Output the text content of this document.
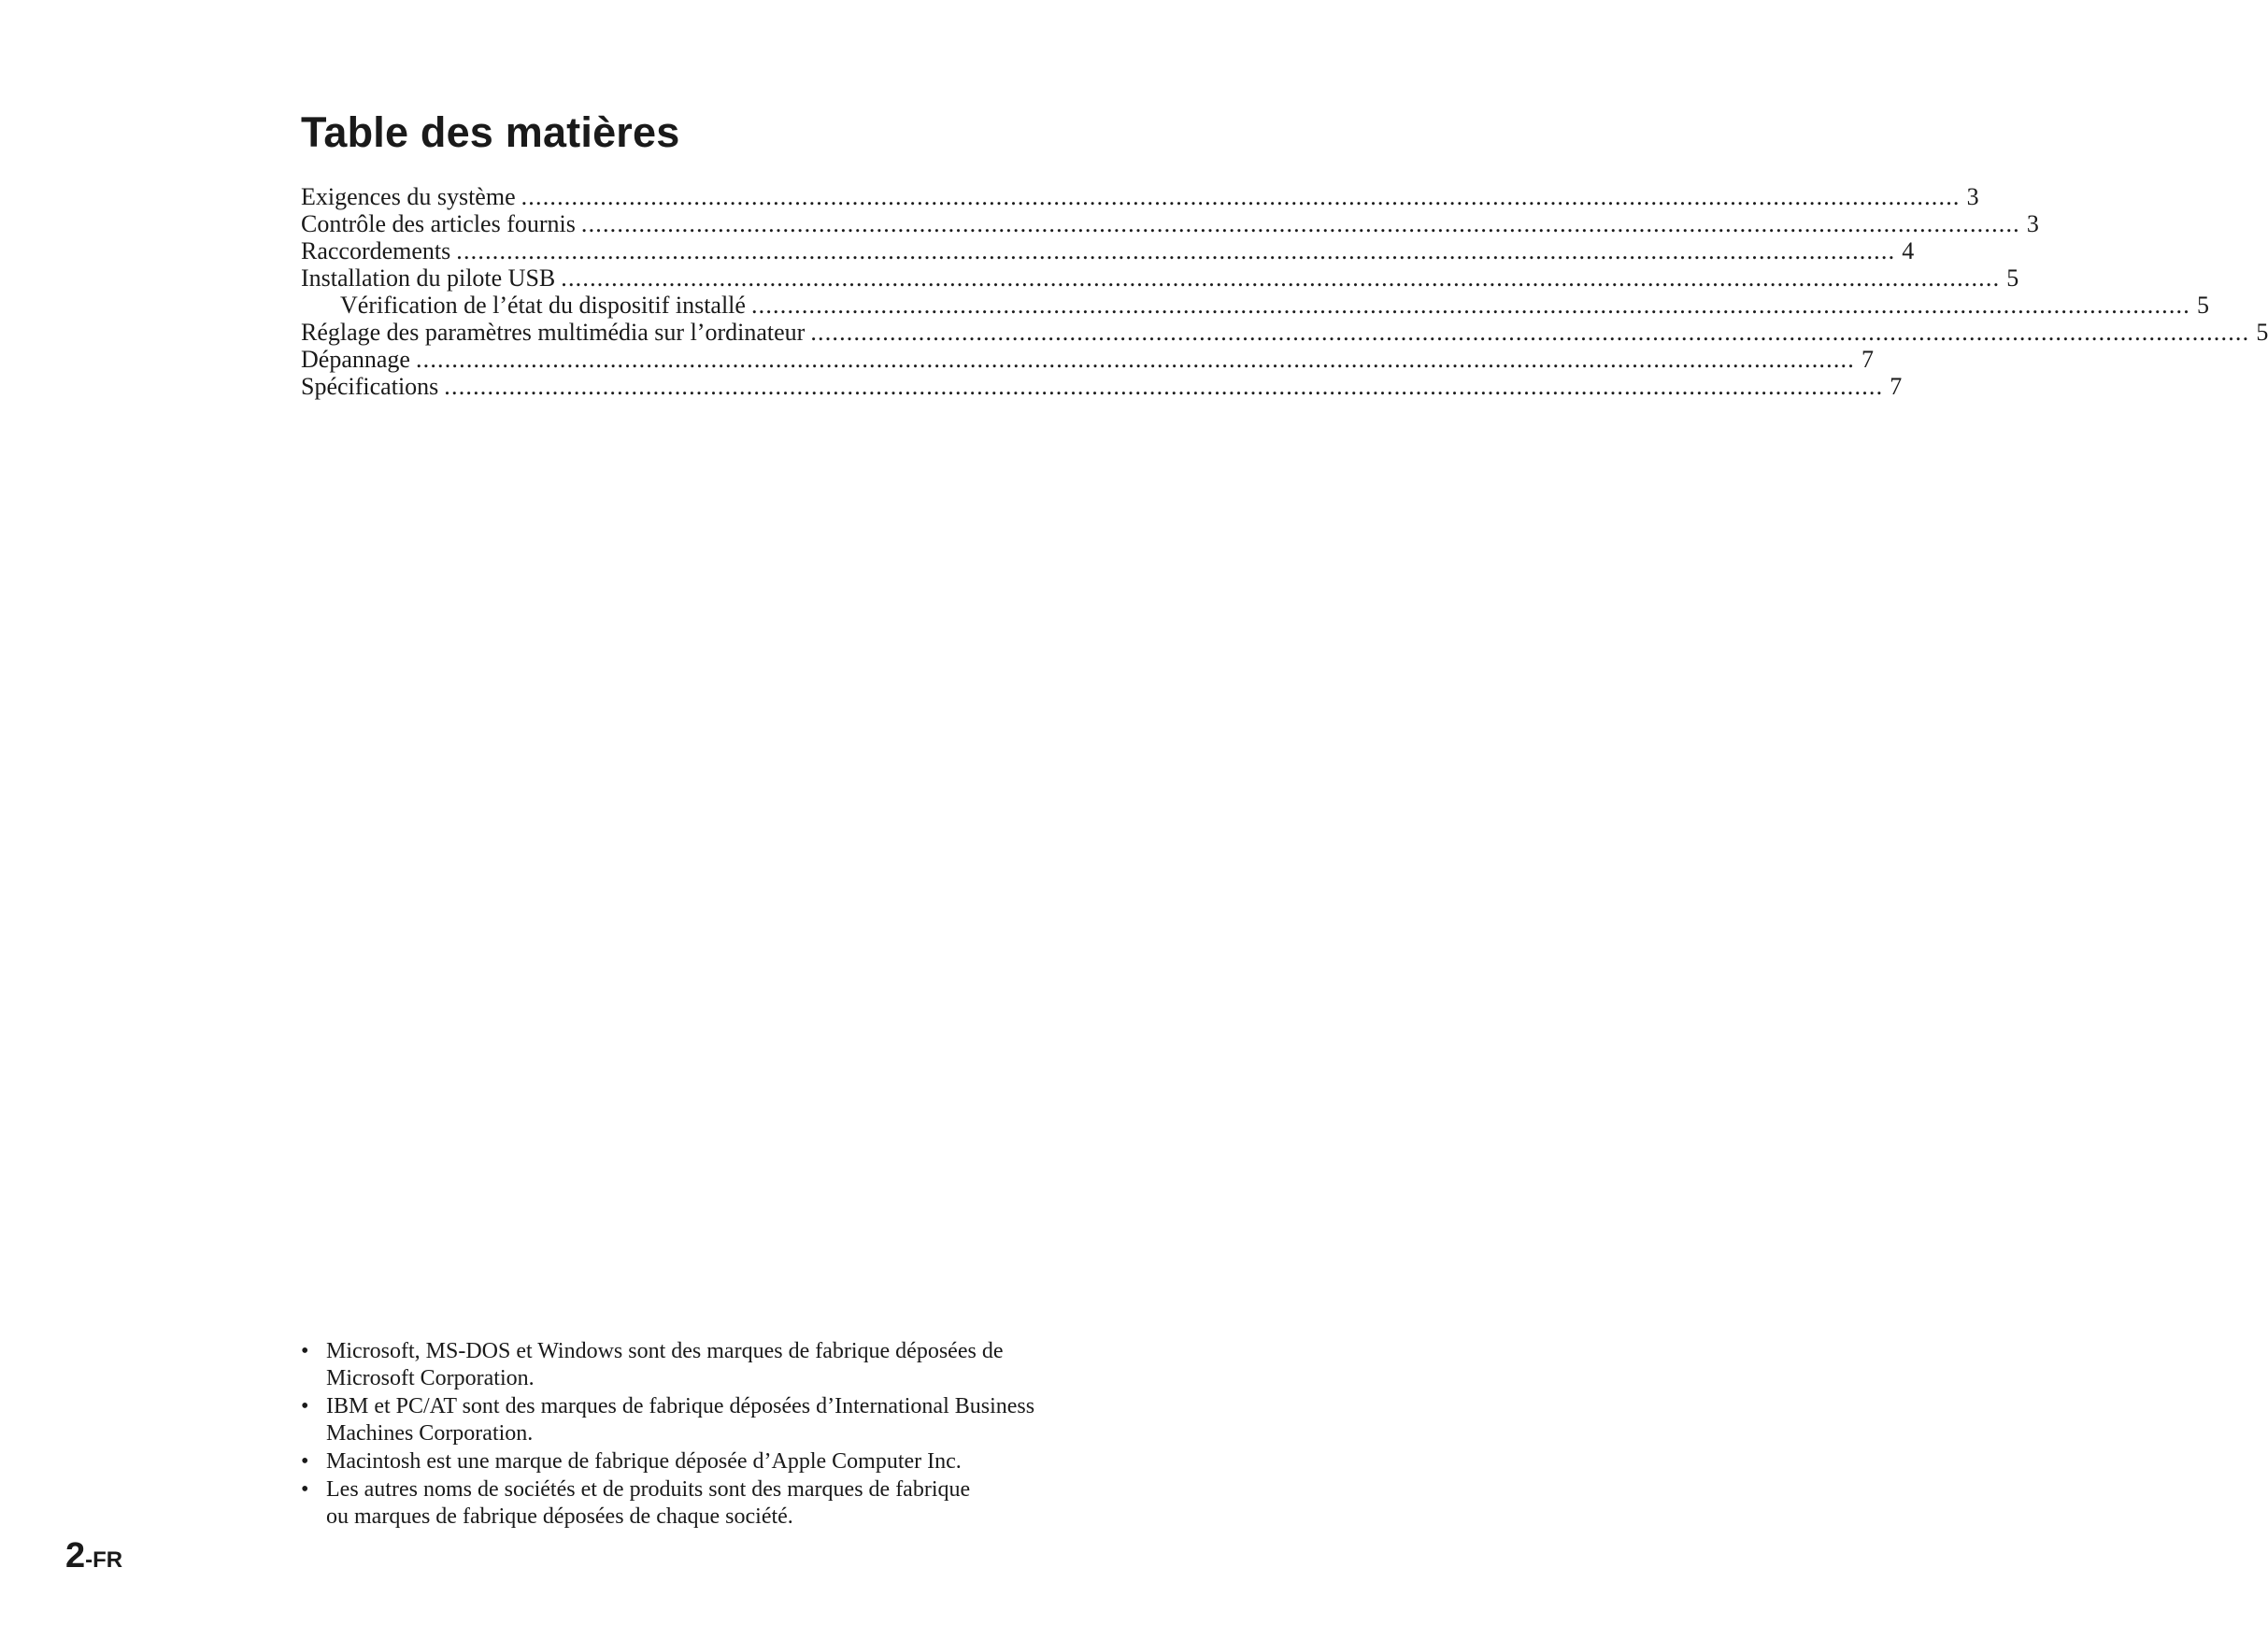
Table des matières
Exigences du système ........................................................................................................................................................................................................ 3
Contrôle des articles fournis ........................................................................................................................................................................................................ 3
Raccordements ........................................................................................................................................................................................................ 4
Installation du pilote USB ........................................................................................................................................................................................................ 5
Vérification de l’état du dispositif installé ........................................................................................................................................................................................................ 5
Réglage des paramètres multimédia sur l’ordinateur ........................................................................................................................................................................................................ 5
Dépannage ........................................................................................................................................................................................................ 7
Spécifications ........................................................................................................................................................................................................ 7
• Microsoft, MS-DOS et Windows sont des marques de fabrique déposées de Microsoft Corporation.
• IBM et PC/AT sont des marques de fabrique déposées d’International Business Machines Corporation.
• Macintosh est une marque de fabrique déposée d’Apple Computer Inc.
• Les autres noms de sociétés et de produits sont des marques de fabrique ou marques de fabrique déposées de chaque société.
2-FR
